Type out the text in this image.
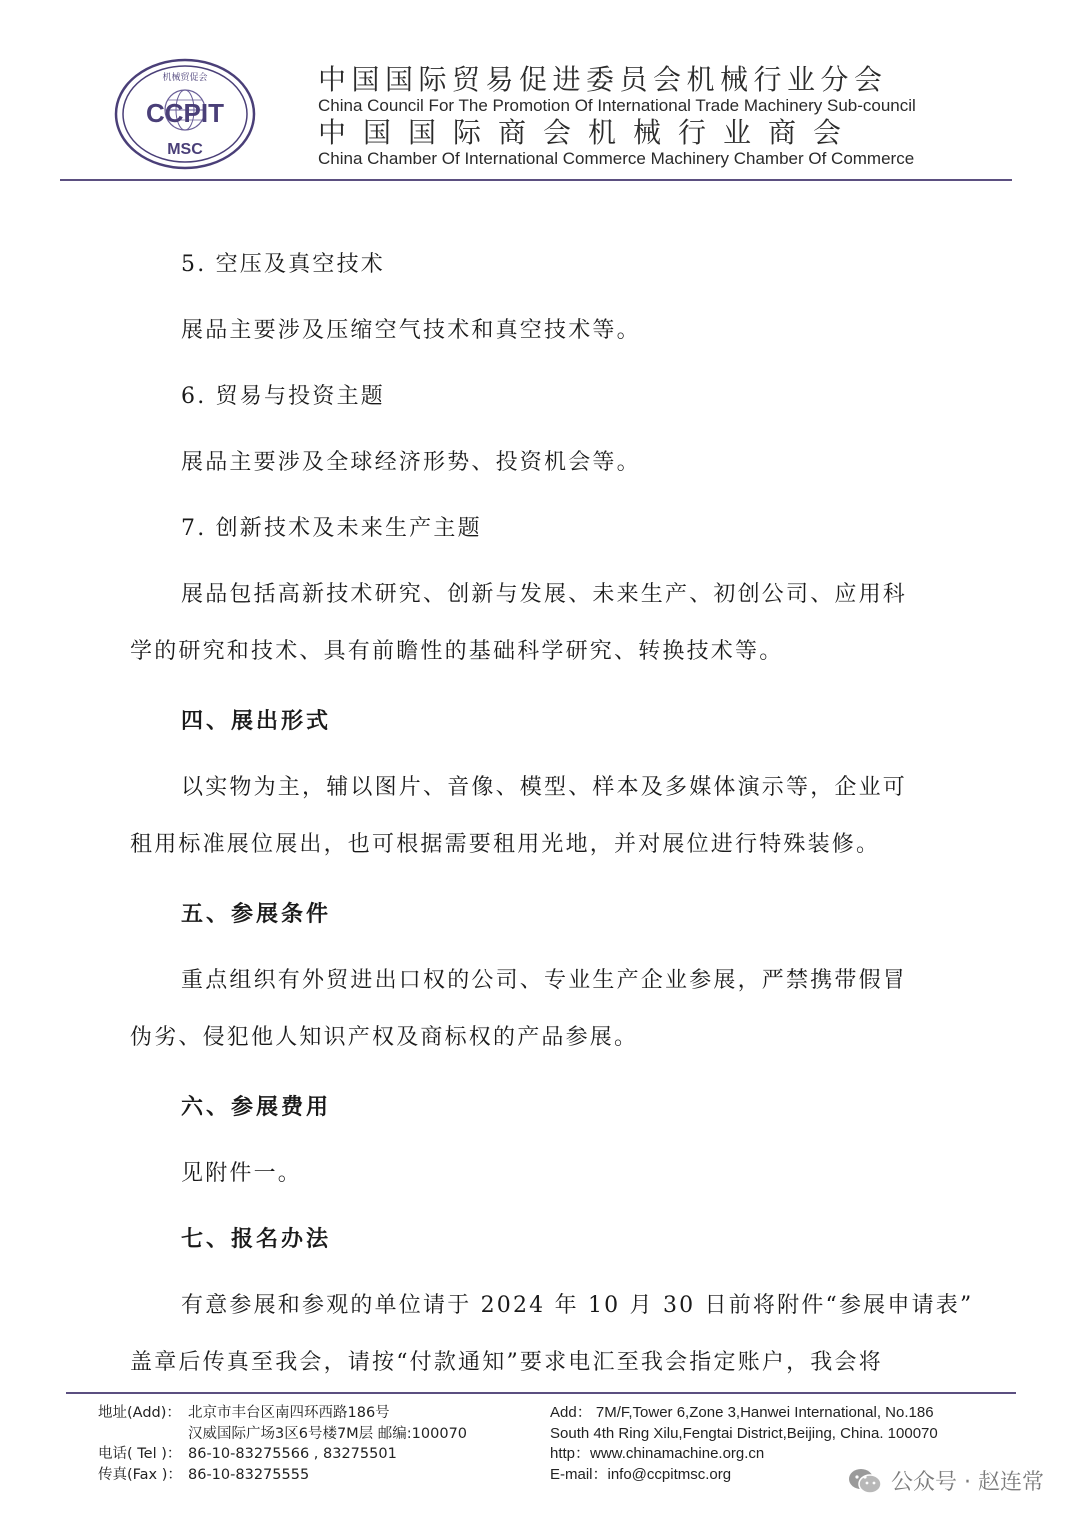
CCPIT
MSC
机械贸促会	中国国际贸易促进委员会机械行业分会
China Council For The Promotion Of International Trade Machinery Sub-council
中国国际商会机械行业商会
China Chamber Of International Commerce Machinery Chamber Of Commerce
5. 空压及真空技术
展品主要涉及压缩空气技术和真空技术等。
6. 贸易与投资主题
展品主要涉及全球经济形势、投资机会等。
7. 创新技术及未来生产主题
展品包括高新技术研究、创新与发展、未来生产、初创公司、应用科
学的研究和技术、具有前瞻性的基础科学研究、转换技术等。
四、展出形式
以实物为主，辅以图片、音像、模型、样本及多媒体演示等，企业可
租用标准展位展出，也可根据需要租用光地，并对展位进行特殊装修。
五、参展条件
重点组织有外贸进出口权的公司、专业生产企业参展，严禁携带假冒
伪劣、侵犯他人知识产权及商标权的产品参展。
六、参展费用
见附件一。
七、报名办法
有意参展和参观的单位请于 2024 年 10 月 30 日前将附件“参展申请表”
盖章后传真至我会，请按“付款通知”要求电汇至我会指定账户，我会将
地址(Add)： 北京市丰台区南四环西路186号
汉威国际广场3区6号楼7M层 邮编:100070
电话( Tel )： 86-10-83275566 , 83275501
传真(Fax )： 86-10-83275555
Add： 7M/F,Tower 6,Zone 3,Hanwei International, No.186
South 4th Ring Xilu,Fengtai District,Beijing, China. 100070
http：www.chinamachine.org.cn
E-mail：info@ccpitmsc.org	公众号 · 赵连常
